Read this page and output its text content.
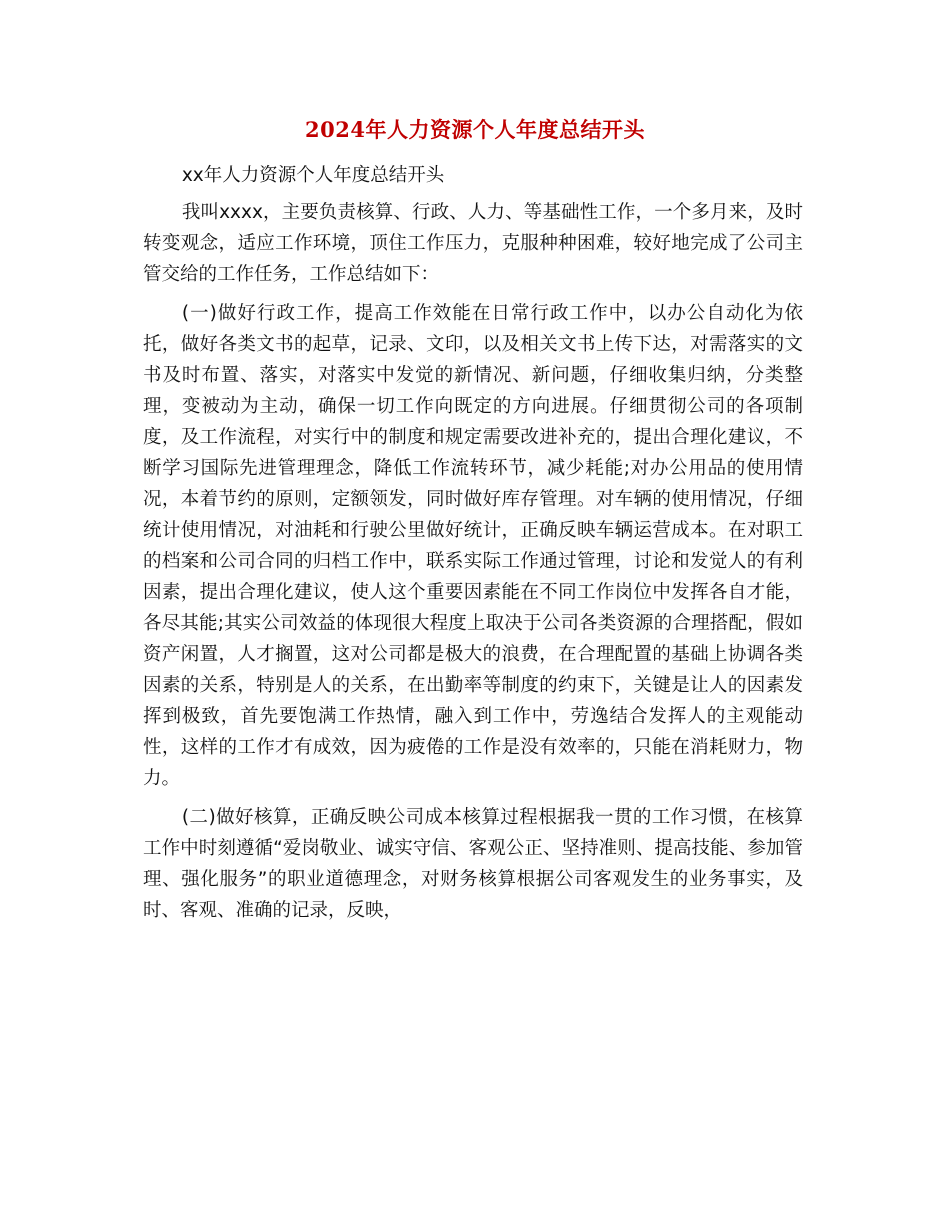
2024年人力资源个人年度总结开头

xx年人力资源个人年度总结开头

我叫xxxx，主要负责核算、行政、人力、等基础性工作，一个多月来，及时转变观念，适应工作环境，顶住工作压力，克服种种困难，较好地完成了公司主管交给的工作任务，工作总结如下：

(一)做好行政工作，提高工作效能在日常行政工作中，以办公自动化为依托，做好各类文书的起草，记录、文印，以及相关文书上传下达，对需落实的文书及时布置、落实，对落实中发觉的新情况、新问题，仔细收集归纳，分类整理，变被动为主动，确保一切工作向既定的方向进展。仔细贯彻公司的各项制度，及工作流程，对实行中的制度和规定需要改进补充的，提出合理化建议，不断学习国际先进管理理念，降低工作流转环节，减少耗能;对办公用品的使用情况，本着节约的原则，定额领发，同时做好库存管理。对车辆的使用情况，仔细统计使用情况，对油耗和行驶公里做好统计，正确反映车辆运营成本。在对职工的档案和公司合同的归档工作中，联系实际工作通过管理，讨论和发觉人的有利因素，提出合理化建议，使人这个重要因素能在不同工作岗位中发挥各自才能，各尽其能;其实公司效益的体现很大程度上取决于公司各类资源的合理搭配，假如资产闲置，人才搁置，这对公司都是极大的浪费，在合理配置的基础上协调各类因素的关系，特别是人的关系，在出勤率等制度的约束下，关键是让人的因素发挥到极致，首先要饱满工作热情，融入到工作中，劳逸结合发挥人的主观能动性，这样的工作才有成效，因为疲倦的工作是没有效率的，只能在消耗财力，物力。

(二)做好核算，正确反映公司成本核算过程根据我一贯的工作习惯，在核算工作中时刻遵循“爱岗敬业、诚实守信、客观公正、坚持准则、提高技能、参加管理、强化服务”的职业道德理念，对财务核算根据公司客观发生的业务事实，及时、客观、准确的记录，反映，
